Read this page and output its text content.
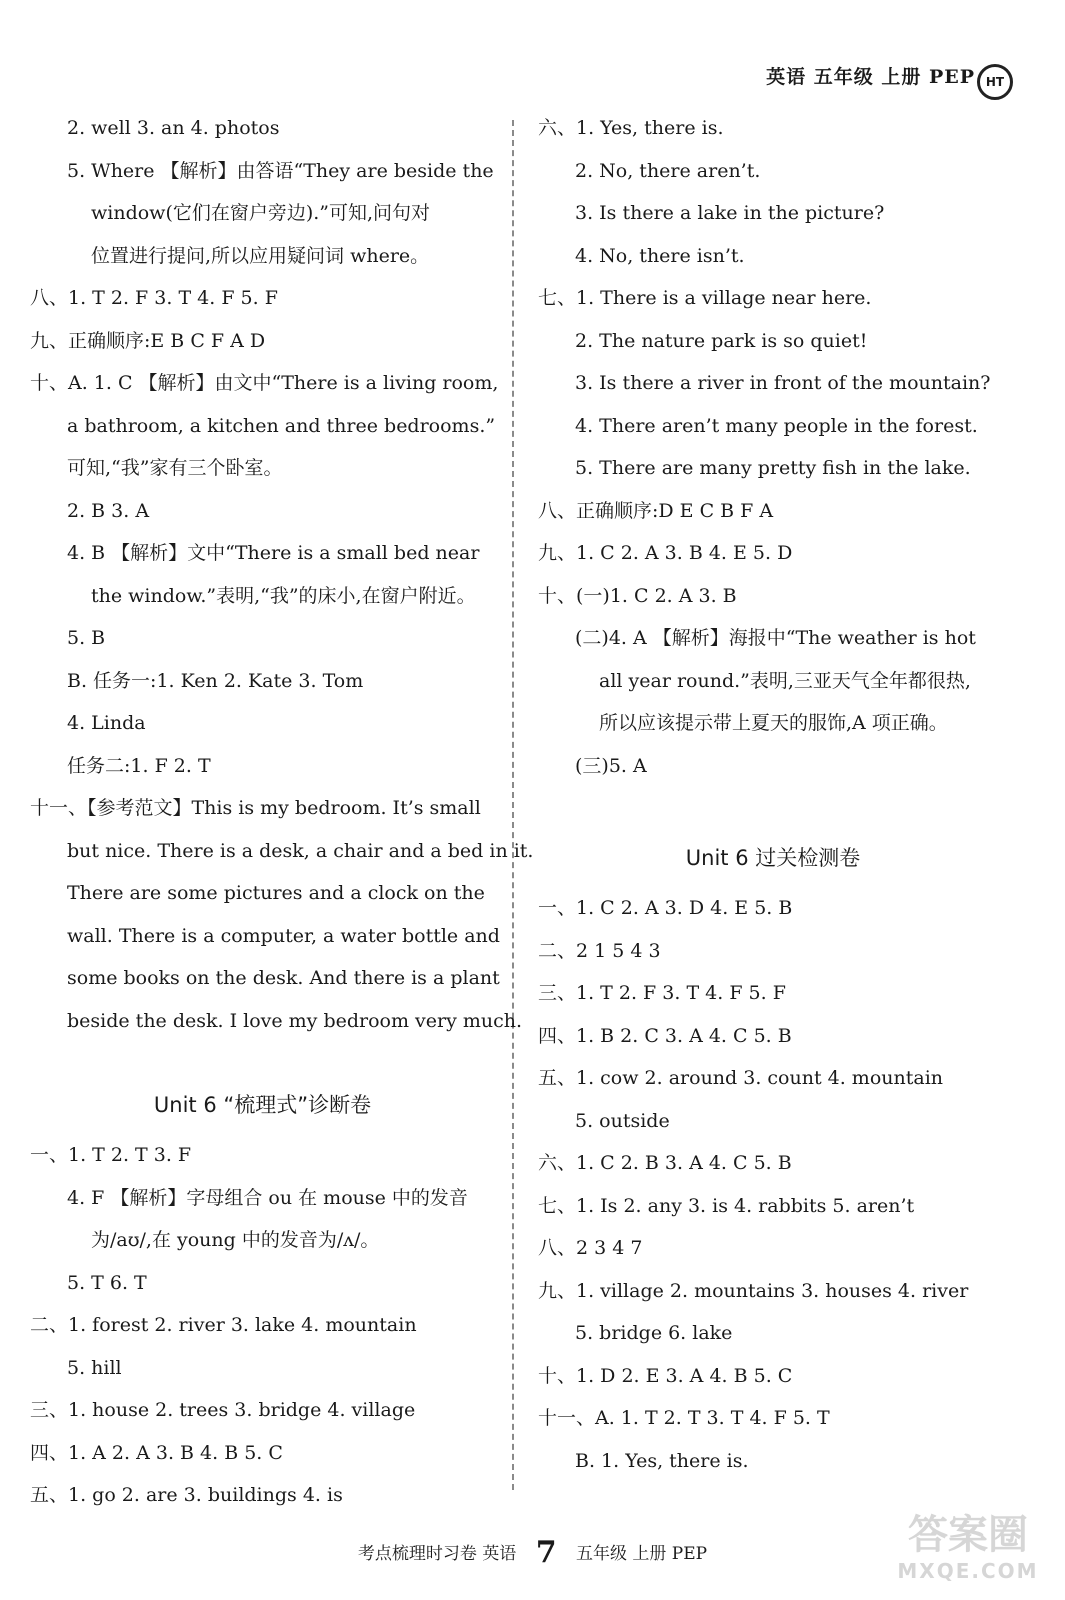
英语 五年级 上册 PEP HT
2. well 3. an 4. photos
5. Where 【解析】由答语“They are beside the
window(它们在窗户旁边).”可知,问句对
位置进行提问,所以应用疑问词 where。
八、1. T 2. F 3. T 4. F 5. F
九、正确顺序:E B C F A D
十、A. 1. C 【解析】由文中“There is a living room,
a bathroom, a kitchen and three bedrooms.”
可知,“我”家有三个卧室。
2. B 3. A
4. B 【解析】文中“There is a small bed near
the window.”表明,“我”的床小,在窗户附近。
5. B
B. 任务一:1. Ken 2. Kate 3. Tom
4. Linda
任务二:1. F 2. T
十一、【参考范文】This is my bedroom. It’s small
but nice. There is a desk, a chair and a bed in it.
There are some pictures and a clock on the
wall. There is a computer, a water bottle and
some books on the desk. And there is a plant
beside the desk. I love my bedroom very much.
Unit 6 “梳理式”诊断卷
一、1. T 2. T 3. F
4. F 【解析】字母组合 ou 在 mouse 中的发音
为/aʊ/,在 young 中的发音为/ʌ/。
5. T 6. T
二、1. forest 2. river 3. lake 4. mountain
5. hill
三、1. house 2. trees 3. bridge 4. village
四、1. A 2. A 3. B 4. B 5. C
五、1. go 2. are 3. buildings 4. is
六、1. Yes, there is.
2. No, there aren’t.
3. Is there a lake in the picture?
4. No, there isn’t.
七、1. There is a village near here.
2. The nature park is so quiet!
3. Is there a river in front of the mountain?
4. There aren’t many people in the forest.
5. There are many pretty fish in the lake.
八、正确顺序:D E C B F A
九、1. C 2. A 3. B 4. E 5. D
十、(一)1. C 2. A 3. B
(二)4. A 【解析】海报中“The weather is hot
all year round.”表明,三亚天气全年都很热,
所以应该提示带上夏天的服饰,A 项正确。
(三)5. A
Unit 6 过关检测卷
一、1. C 2. A 3. D 4. E 5. B
二、2 1 5 4 3
三、1. T 2. F 3. T 4. F 5. F
四、1. B 2. C 3. A 4. C 5. B
五、1. cow 2. around 3. count 4. mountain
5. outside
六、1. C 2. B 3. A 4. C 5. B
七、1. Is 2. any 3. is 4. rabbits 5. aren’t
八、2 3 4 7
九、1. village 2. mountains 3. houses 4. river
5. bridge 6. lake
十、1. D 2. E 3. A 4. B 5. C
十一、A. 1. T 2. T 3. T 4. F 5. T
B. 1. Yes, there is.
考点梳理时习卷 英语 7 五年级 上册 PEP	答案圈
MXQE.COM
